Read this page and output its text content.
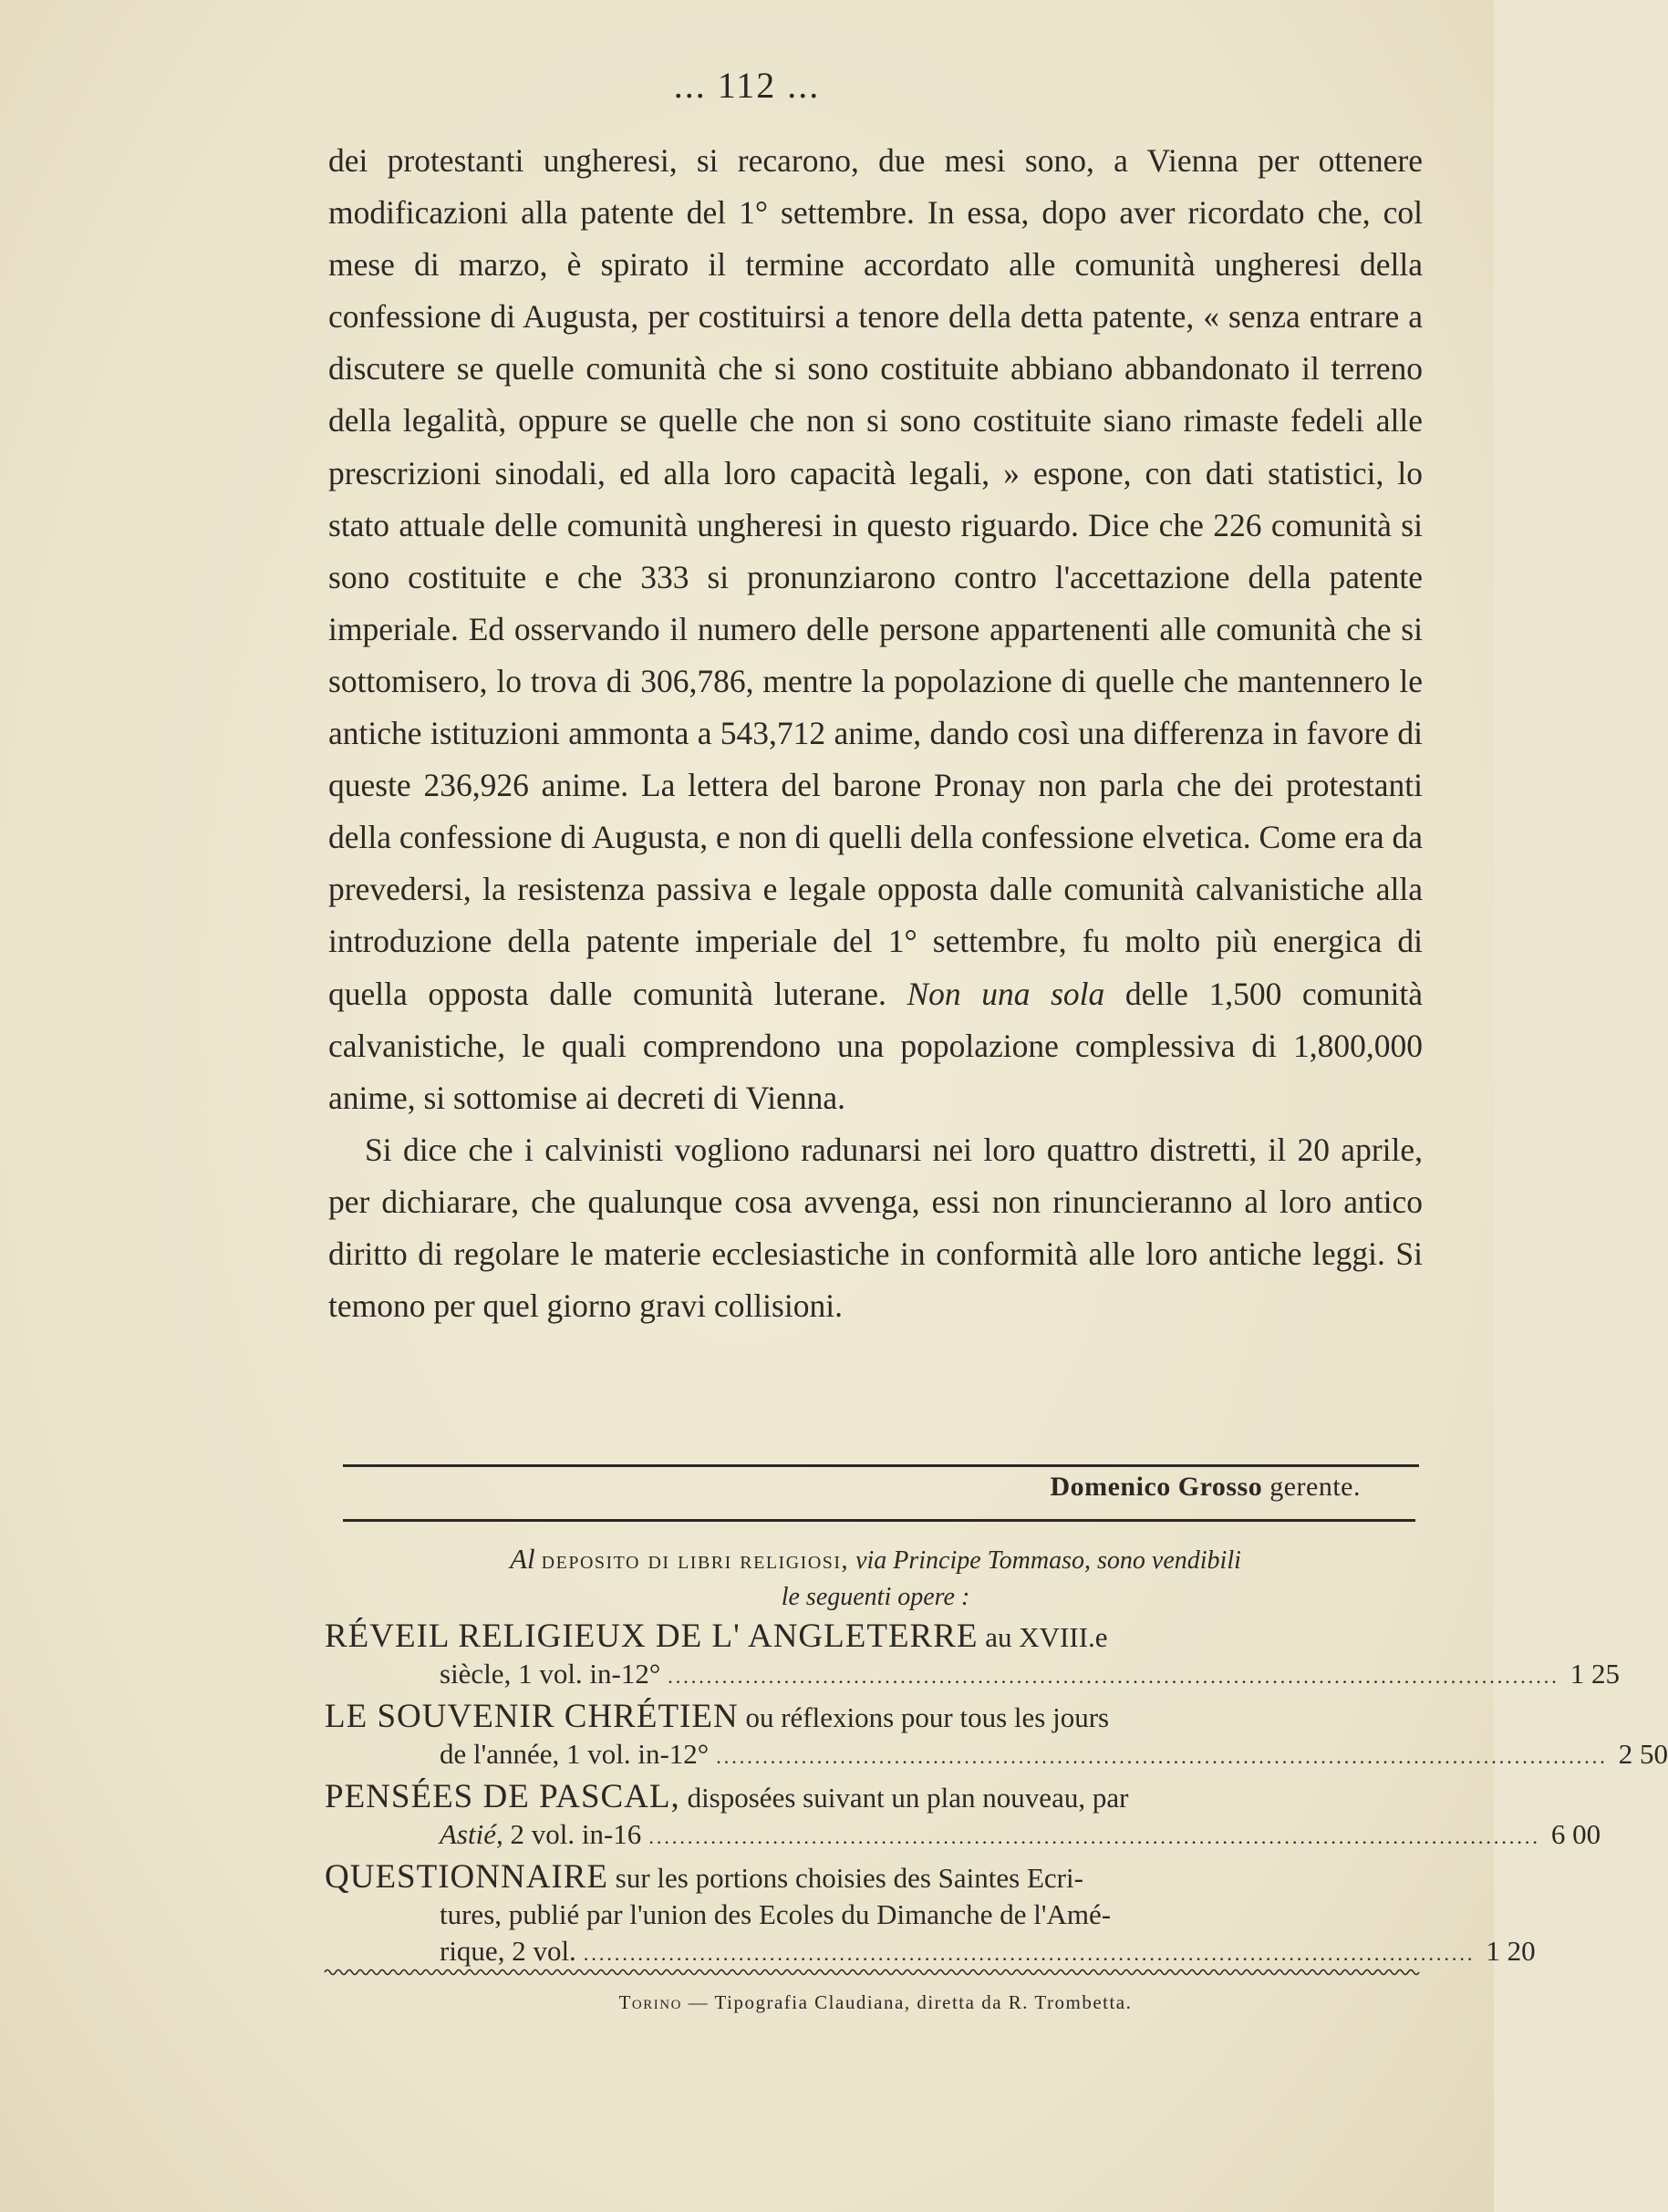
... 112 ...

dei protestanti ungheresi, si recarono, due mesi sono, a Vienna per ottenere modificazioni alla patente del 1° settembre. In essa, dopo aver ricordato che, col mese di marzo, è spirato il termine accordato alle comunità ungheresi della confessione di Augusta, per costituirsi a tenore della detta patente, « senza entrare a discutere se quelle comunità che si sono costituite abbiano abbandonato il terreno della legalità, oppure se quelle che non si sono costituite siano rimaste fedeli alle prescrizioni sinodali, ed alla loro capacità legali, » espone, con dati statistici, lo stato attuale delle comunità ungheresi in questo riguardo. Dice che 226 comunità si sono costituite e che 333 si pronunziarono contro l'accettazione della patente imperiale. Ed osservando il numero delle persone appartenenti alle comunità che si sottomisero, lo trova di 306,786, mentre la popolazione di quelle che mantennero le antiche istituzioni ammonta a 543,712 anime, dando così una differenza in favore di queste 236,926 anime. La lettera del barone Pronay non parla che dei protestanti della confessione di Augusta, e non di quelli della confessione elvetica. Come era da prevedersi, la resistenza passiva e legale opposta dalle comunità calvanistiche alla introduzione della patente imperiale del 1° settembre, fu molto più energica di quella opposta dalle comunità luterane. Non una sola delle 1,500 comunità calvanistiche, le quali comprendono una popolazione complessiva di 1,800,000 anime, si sottomise ai decreti di Vienna.

Si dice che i calvinisti vogliono radunarsi nei loro quattro distretti, il 20 aprile, per dichiarare, che qualunque cosa avvenga, essi non rinuncieranno al loro antico diritto di regolare le materie ecclesiastiche in conformità alle loro antiche leggi. Si temono per quel giorno gravi collisioni.

Domenico Grosso gerente.
Al deposito di libri religiosi, via Principe Tommaso, sono vendibili
le seguenti opere :
RÉVEIL RELIGIEUX DE L' ANGLETERRE au XVIII.e
siècle, 1 vol. in-12° ................................................................................................................... 1 25
LE SOUVENIR CHRÉTIEN ou réflexions pour tous les jours
de l'année, 1 vol. in-12° ................................................................................................................... 2 50
PENSÉES DE PASCAL, disposées suivant un plan nouveau, par
Astié, 2 vol. in-16 ................................................................................................................... 6 00
QUESTIONNAIRE sur les portions choisies des Saintes Ecri-
tures, publié par l'union des Ecoles du Dimanche de l'Amé-
rique, 2 vol. ................................................................................................................... 1 20
Torino — Tipografia Claudiana, diretta da R. Trombetta.
